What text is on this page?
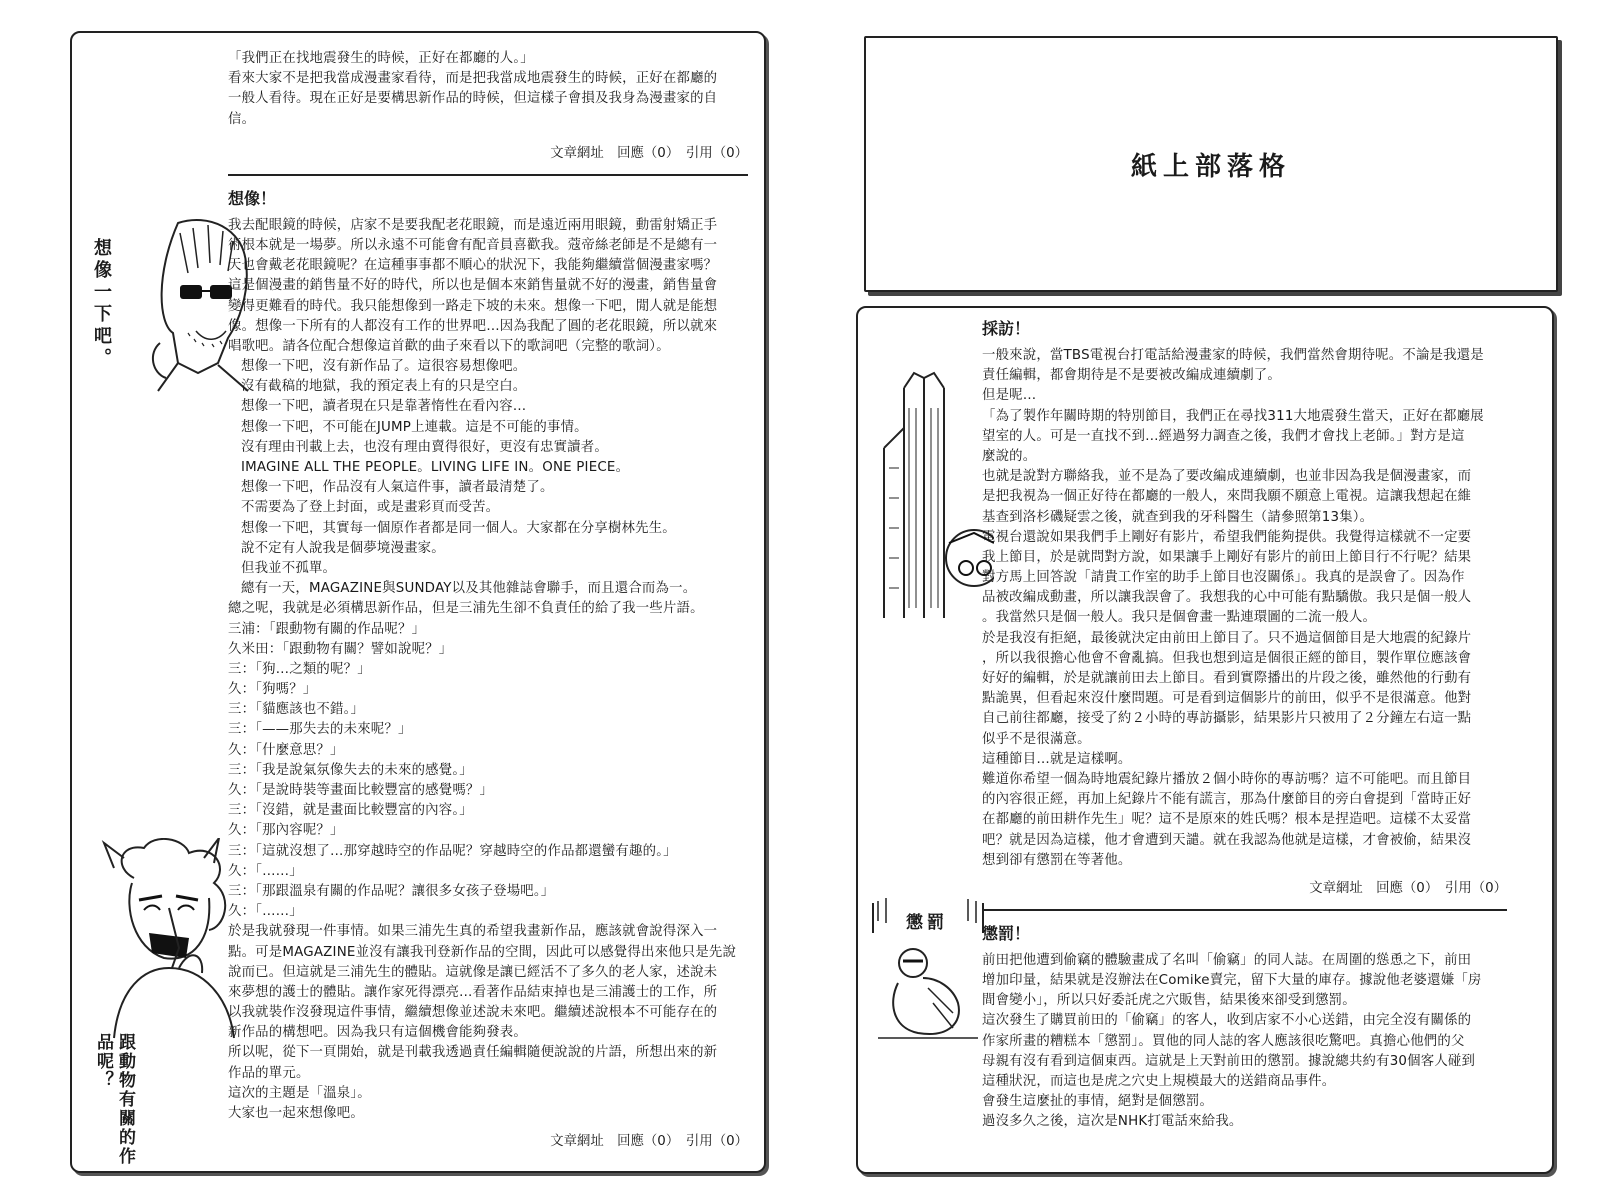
想像一下吧。
跟動物有關的作品呢？
「我們正在找地震發生的時候，正好在都廳的人。」
看來大家不是把我當成漫畫家看待，而是把我當成地震發生的時候，正好在都廳的
一般人看待。現在正好是要構思新作品的時候，但這樣子會損及我身為漫畫家的自
信。
文章網址　回應（0）　引用（0）
想像！
我去配眼鏡的時候，店家不是要我配老花眼鏡，而是遠近兩用眼鏡，動雷射矯正手
術根本就是一場夢。所以永遠不可能會有配音員喜歡我。蔻帝絲老師是不是總有一
天也會戴老花眼鏡呢？在這種事事都不順心的狀況下，我能夠繼續當個漫畫家嗎？
這是個漫畫的銷售量不好的時代，所以也是個本來銷售量就不好的漫畫，銷售量會
變得更難看的時代。我只能想像到一路走下坡的未來。想像一下吧，閒人就是能想
像。想像一下所有的人都沒有工作的世界吧…因為我配了圓的老花眼鏡，所以就來
唱歌吧。請各位配合想像這首歡的曲子來看以下的歌詞吧（完整的歌詞）。
想像一下吧，沒有新作品了。這很容易想像吧。
沒有截稿的地獄，我的預定表上有的只是空白。
想像一下吧，讀者現在只是靠著惰性在看內容…
想像一下吧，不可能在JUMP上連載。這是不可能的事情。
沒有理由刊載上去，也沒有理由賣得很好，更沒有忠實讀者。
IMAGINE ALL THE PEOPLE。LIVING LIFE IN。ONE PIECE。
想像一下吧，作品沒有人氣這件事，讀者最清楚了。
不需要為了登上封面，或是畫彩頁而受苦。
想像一下吧，其實每一個原作者都是同一個人。大家都在分享樹林先生。
說不定有人說我是個夢境漫畫家。
但我並不孤單。
總有一天，MAGAZINE與SUNDAY以及其他雜誌會聯手，而且還合而為一。
總之呢，我就是必須構思新作品，但是三浦先生卻不負責任的給了我一些片語。
三浦：「跟動物有關的作品呢？」
久米田：「跟動物有關？譬如說呢？」
三：「狗…之類的呢？」
久：「狗嗎？」
三：「貓應該也不錯。」
三：「——那失去的未來呢？」
久：「什麼意思？」
三：「我是說氣氛像失去的未來的感覺。」
久：「是說時裝等畫面比較豐富的感覺嗎？」
三：「沒錯，就是畫面比較豐富的內容。」
久：「那內容呢？」
三：「這就沒想了…那穿越時空的作品呢？穿越時空的作品都還蠻有趣的。」
久：「……」
三：「那跟溫泉有關的作品呢？讓很多女孩子登場吧。」
久：「……」
於是我就發現一件事情。如果三浦先生真的希望我畫新作品，應該就會說得深入一
點。可是MAGAZINE並沒有讓我刊登新作品的空間，因此可以感覺得出來他只是先說
說而已。但這就是三浦先生的體貼。這就像是讓已經活不了多久的老人家，述說未
來夢想的護士的體貼。讓作家死得漂亮…看著作品結束掉也是三浦護士的工作，所
以我就裝作沒發現這件事情，繼續想像並述說未來吧。繼續述說根本不可能存在的
新作品的構想吧。因為我只有這個機會能夠發表。
所以呢，從下一頁開始，就是刊載我透過責任編輯隨便說說的片語，所想出來的新
作品的單元。
這次的主題是「溫泉」。
大家也一起來想像吧。
文章網址　回應（0）　引用（0）
紙上部落格
懲罰
採訪！
一般來說，當TBS電視台打電話給漫畫家的時候，我們當然會期待呢。不論是我還是
責任編輯，都會期待是不是要被改編成連續劇了。
但是呢…
「為了製作年關時期的特別節目，我們正在尋找311大地震發生當天，正好在都廳展
望室的人。可是一直找不到…經過努力調查之後，我們才會找上老師。」對方是這
麼說的。
也就是說對方聯絡我，並不是為了要改編成連續劇，也並非因為我是個漫畫家，而
是把我視為一個正好待在都廳的一般人，來問我願不願意上電視。這讓我想起在維
基查到洛杉磯疑雲之後，就查到我的牙科醫生（請參照第13集）。
電視台還說如果我們手上剛好有影片，希望我們能夠提供。我覺得這樣就不一定要
我上節目，於是就問對方說，如果讓手上剛好有影片的前田上節目行不行呢？結果
對方馬上回答說「請貴工作室的助手上節目也沒關係」。我真的是誤會了。因為作
品被改編成動畫，所以讓我誤會了。我想我的心中可能有點驕傲。我只是個一般人
。我當然只是個一般人。我只是個會畫一點連環圖的二流一般人。
於是我沒有拒絕，最後就決定由前田上節目了。只不過這個節目是大地震的紀錄片
，所以我很擔心他會不會亂搞。但我也想到這是個很正經的節目，製作單位應該會
好好的編輯，於是就讓前田去上節目。看到實際播出的片段之後，雖然他的行動有
點詭異，但看起來沒什麼問題。可是看到這個影片的前田，似乎不是很滿意。他對
自己前往都廳，接受了約２小時的專訪攝影，結果影片只被用了２分鐘左右這一點
似乎不是很滿意。
這種節目…就是這樣啊。
難道你希望一個為時地震紀錄片播放２個小時你的專訪嗎？這不可能吧。而且節目
的內容很正經，再加上紀錄片不能有謊言，那為什麼節目的旁白會提到「當時正好
在都廳的前田耕作先生」呢？這不是原來的姓氏嗎？根本是捏造吧。這樣不太妥當
吧？就是因為這樣，他才會遭到天譴。就在我認為他就是這樣，才會被偷，結果沒
想到卻有懲罰在等著他。
文章網址　回應（0）　引用（0）
懲罰！
前田把他遭到偷竊的體驗畫成了名叫「偷竊」的同人誌。在周圍的慫恿之下，前田
增加印量，結果就是沒辦法在Comike賣完，留下大量的庫存。據說他老婆還嫌「房
間會變小」，所以只好委託虎之穴販售，結果後來卻受到懲罰。
這次發生了購買前田的「偷竊」的客人，收到店家不小心送錯，由完全沒有關係的
作家所畫的糟糕本「懲罰」。買他的同人誌的客人應該很吃驚吧。真擔心他們的父
母親有沒有看到這個東西。這就是上天對前田的懲罰。據說總共約有30個客人碰到
這種狀況，而這也是虎之穴史上規模最大的送錯商品事件。
會發生這麼扯的事情，絕對是個懲罰。
過沒多久之後，這次是NHK打電話來給我。
